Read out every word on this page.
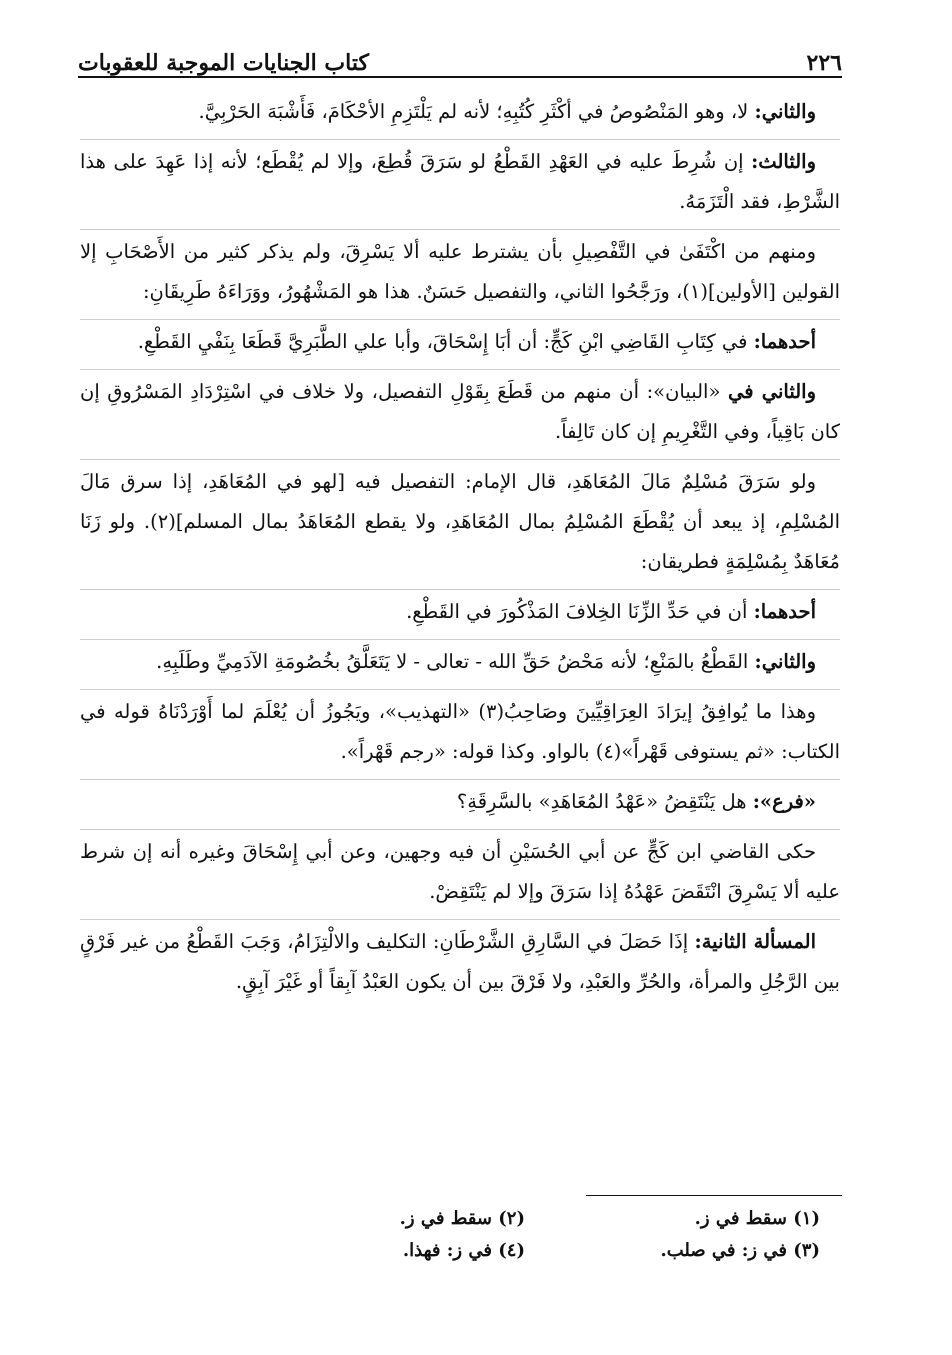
٢٢٦
كتاب الجنايات الموجبة للعقوبات

والثاني: لا، وهو المَنْصُوصُ في أكْثَرِ كُتُبِهِ؛ لأنه لم يَلْتَزِمِ الأحْكَامَ، فَأَشْبَهَ الحَرْبِيَّ.

والثالث: إن شُرِطَ عليه في العَهْدِ القَطْعُ لو سَرَقَ قُطِعَ، وإلا لم يُقْطَع؛ لأنه إذا عَهِدَ على هذا الشَّرْطِ، فقد الْتَزَمَهُ.

ومنهم من اكْتَفَىٰ في التَّفْصِيلِ بأن يشترط عليه ألا يَسْرِقَ، ولم يذكر كثير من الأَصْحَابِ إلا القولين [الأولين](١)، ورَجَّحُوا الثاني، والتفصيل حَسَنٌ. هذا هو المَشْهُورُ، ووَرَاءَهُ طَرِيقَانِ:

أحدهما: في كِتَابِ القَاضِي ابْنِ كَجٍّ: أن أبَا إِسْحَاقَ، وأبا علي الطَّبَرِيَّ قَطَعَا بِنَفْيِ القَطْعِ.

والثاني في «البيان»: أن منهم من قَطَعَ بِقَوْلِ التفصيل، ولا خلاف في اسْتِرْدَادِ المَسْرُوقِ إن كان بَاقِياً، وفي التَّغْرِيمِ إن كان تَالِفاً.

ولو سَرَقَ مُسْلِمٌ مَالَ المُعَاهَدِ، قال الإمام: التفصيل فيه [لهو في المُعَاهَدِ، إذا سرق مَالَ المُسْلِمِ، إذ يبعد أن يُقْطَعَ المُسْلِمُ بمال المُعَاهَدِ، ولا يقطع المُعَاهَدُ بمال المسلم](٢). ولو زَنَا مُعَاهَدٌ بِمُسْلِمَةٍ فطريقان:

أحدهما: أن في حَدِّ الزِّنَا الخِلافَ المَذْكُورَ في القَطْعِ.

والثاني: القَطْعُ بالمَنْعِ؛ لأنه مَحْضُ حَقِّ الله - تعالى - لا يَتَعَلَّقُ بخُصُومَةِ الآدَمِيِّ وطَلَبِهِ.

وهذا ما يُوافِقُ إيرَادَ العِرَاقِيِّينَ وصَاحِبُ(٣) «التهذيب»، ويَجُوزُ أن يُعْلَمَ لما أَوْرَدْنَاهُ قوله في الكتاب: «ثم يستوفى قَهْراً»(٤) بالواو. وكذا قوله: «رجم قَهْراً».

«فرع»: هل يَنْتَقِضُ «عَهْدُ المُعَاهَدِ» بالسَّرِقَةِ؟

حكى القاضي ابن كَجٍّ عن أبي الحُسَيْنِ أن فيه وجهين، وعن أبي إِسْحَاقَ وغيره أنه إن شرط عليه ألا يَسْرِقَ انْتَقَضَ عَهْدُهُ إذا سَرَقَ وإلا لم يَنْتَقِضْ.

المسألة الثانية: إذَا حَصَلَ في السَّارِقِ الشَّرْطَانِ: التكليف والالْتِزَامُ، وَجَبَ القَطْعُ من غير فَرْقٍ بين الرَّجُلِ والمرأة، والحُرِّ والعَبْدِ، ولا فَرْقَ بين أن يكون العَبْدُ آبِقاً أو غَيْرَ آبِقٍ.

(١) سقط في ز.
(٢) سقط في ز.
(٣) في ز: في صلب.
(٤) في ز: فهذا.
